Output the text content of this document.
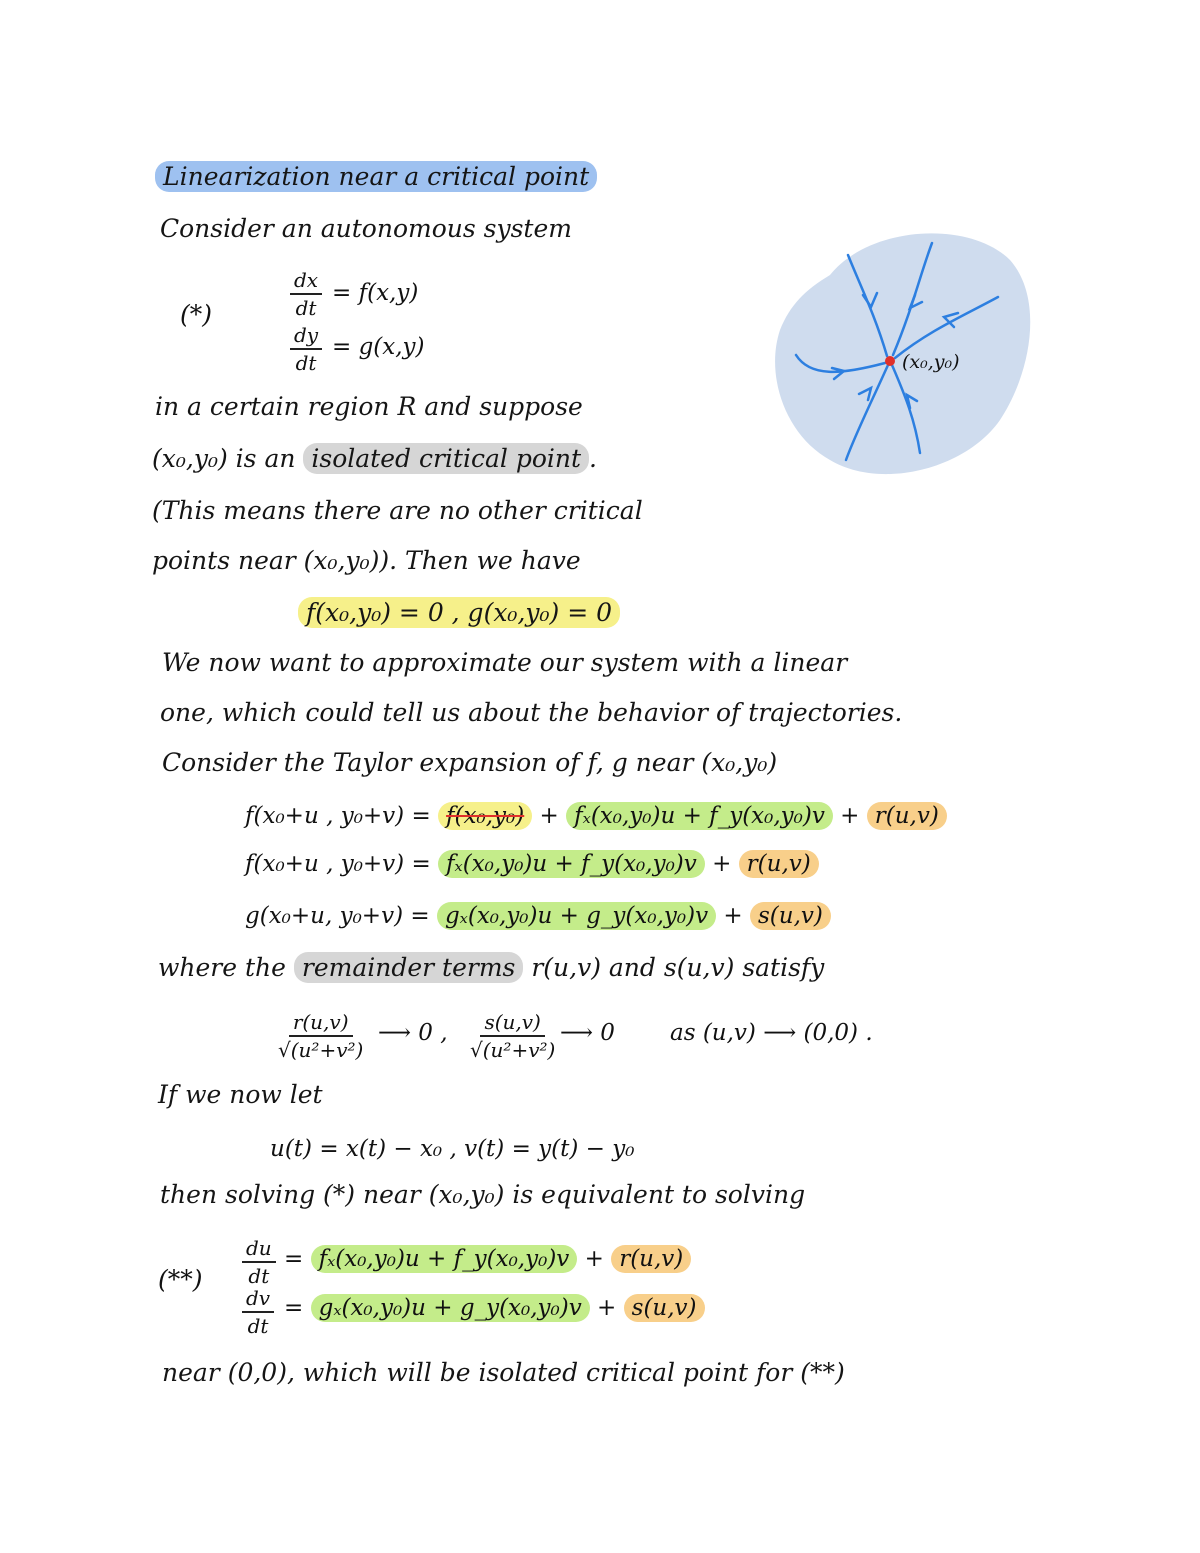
Linearization near a critical point
Consider an autonomous system
(*)	$\frac{dx}{dt} = f(x,y)$
$\frac{dy}{dt} = g(x,y)$
(x₀,y₀)
in a certain region R and suppose
(x₀,y₀) is an isolated critical point .
(This means there are no other critical
points near (x₀,y₀)). Then we have
f(x₀,y₀) = 0 , g(x₀,y₀) = 0
We now want to approximate our system with a linear
one, which could tell us about the behavior of trajectories.
Consider the Taylor expansion of f, g near (x₀,y₀)
f(x₀+u , y₀+v) = f(x₀,y₀) + fₓ(x₀,y₀)u + f_y(x₀,y₀)v + r(u,v)
f(x₀+u , y₀+v) = fₓ(x₀,y₀)u + f_y(x₀,y₀)v + r(u,v)
g(x₀+u, y₀+v) = gₓ(x₀,y₀)u + g_y(x₀,y₀)v + s(u,v)
where the remainder terms r(u,v) and s(u,v) satisfy
$\frac{r(u,v)}{\text{√(u²+v²)}}$ ⟶ 0 , $\frac{s(u,v)}{\text{√(u²+v²)}}$ ⟶ 0 as (u,v) ⟶ (0,0) .
If we now let
u(t) = x(t) − x₀ , v(t) = y(t) − y₀
then solving (*) near (x₀,y₀) is equivalent to solving
(**) $\frac{du}{dt} = f_x(x_0,y_0)u$ + f_y(x₀,y₀)v + r(u,v)
$\frac{dv}{dt} = g_x(x_0,y_0)u$ + g_y(x₀,y₀)v + s(u,v)
near (0,0), which will be isolated critical point for (**)
